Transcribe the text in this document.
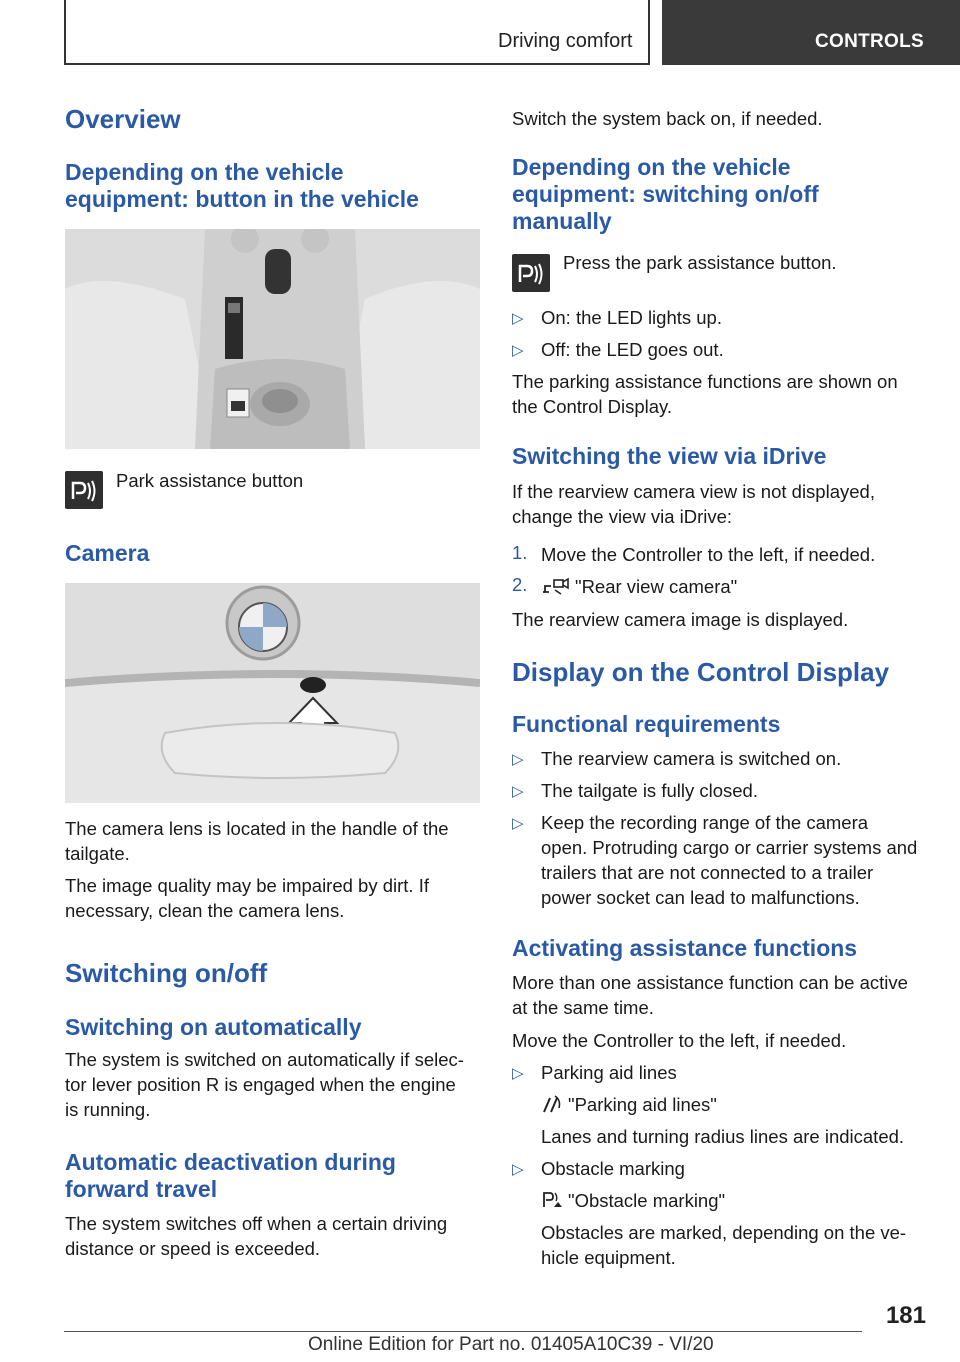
Driving comfort	CONTROLS
Overview
Depending on the vehicle
equipment: button in the vehicle
Park assistance button
Camera
The camera lens is located in the handle of the
tailgate.
The image quality may be impaired by dirt. If
necessary, clean the camera lens.
Switching on/off
Switching on automatically
The system is switched on automatically if selec-
tor lever position R is engaged when the engine
is running.
Automatic deactivation during
forward travel
The system switches off when a certain driving
distance or speed is exceeded.
Switch the system back on, if needed.
Depending on the vehicle
equipment: switching on/off
manually
Press the park assistance button.
▷ On: the LED lights up.
▷ Off: the LED goes out.
The parking assistance functions are shown on
the Control Display.
Switching the view via iDrive
If the rearview camera view is not displayed,
change the view via iDrive:
1. Move the Controller to the left, if needed.
2.	"Rear view camera"
The rearview camera image is displayed.
Display on the Control Display
Functional requirements
▷ The rearview camera is switched on.
▷ The tailgate is fully closed.
▷ Keep the recording range of the camera
open. Protruding cargo or carrier systems and
trailers that are not connected to a trailer
power socket can lead to malfunctions.
Activating assistance functions
More than one assistance function can be active
at the same time.
Move the Controller to the left, if needed.
▷ Parking aid lines
"Parking aid lines"
Lanes and turning radius lines are indicated.
▷ Obstacle marking
"Obstacle marking"
Obstacles are marked, depending on the ve-
hicle equipment.
181
Online Edition for Part no. 01405A10C39 - VI/20
